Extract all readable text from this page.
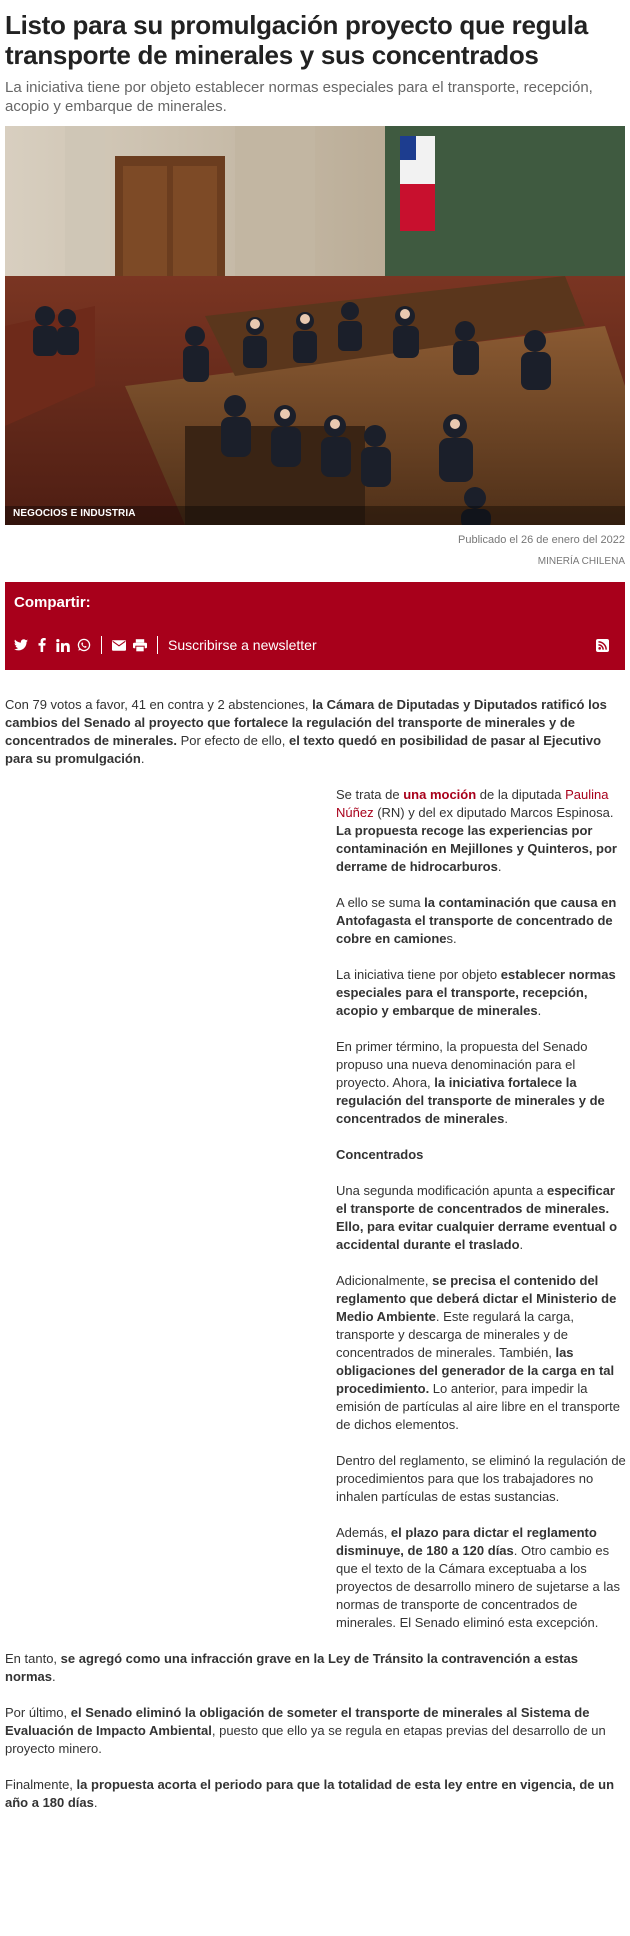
Listo para su promulgación proyecto que regula transporte de minerales y sus concentrados

La iniciativa tiene por objeto establecer normas especiales para el transporte, recepción, acopio y embarque de minerales.

NEGOCIOS E INDUSTRIA
Publicado el 26 de enero del 2022
MINERÍA CHILENA
Compartir:
Suscribirse a newsletter

Con 79 votos a favor, 41 en contra y 2 abstenciones, la Cámara de Diputadas y Diputados ratificó los cambios del Senado al proyecto que fortalece la regulación del transporte de minerales y de concentrados de minerales. Por efecto de ello, el texto quedó en posibilidad de pasar al Ejecutivo para su promulgación.

Se trata de una moción de la diputada Paulina Núñez (RN) y del ex diputado Marcos Espinosa. La propuesta recoge las experiencias por contaminación en Mejillones y Quinteros, por derrame de hidrocarburos.

A ello se suma la contaminación que causa en Antofagasta el transporte de concentrado de cobre en camiones.

La iniciativa tiene por objeto establecer normas especiales para el transporte, recepción, acopio y embarque de minerales.

En primer término, la propuesta del Senado propuso una nueva denominación para el proyecto. Ahora, la iniciativa fortalece la regulación del transporte de minerales y de concentrados de minerales.

Concentrados

Una segunda modificación apunta a especificar el transporte de concentrados de minerales. Ello, para evitar cualquier derrame eventual o accidental durante el traslado.

Adicionalmente, se precisa el contenido del reglamento que deberá dictar el Ministerio de Medio Ambiente. Este regulará la carga, transporte y descarga de minerales y de concentrados de minerales. También, las obligaciones del generador de la carga en tal procedimiento. Lo anterior, para impedir la emisión de partículas al aire libre en el transporte de dichos elementos.

Dentro del reglamento, se eliminó la regulación de procedimientos para que los trabajadores no inhalen partículas de estas sustancias.

Además, el plazo para dictar el reglamento disminuye, de 180 a 120 días. Otro cambio es que el texto de la Cámara exceptuaba a los proyectos de desarrollo minero de sujetarse a las normas de transporte de concentrados de minerales. El Senado eliminó esta excepción.

En tanto, se agregó como una infracción grave en la Ley de Tránsito la contravención a estas normas.

Por último, el Senado eliminó la obligación de someter el transporte de minerales al Sistema de Evaluación de Impacto Ambiental, puesto que ello ya se regula en etapas previas del desarrollo de un proyecto minero.

Finalmente, la propuesta acorta el periodo para que la totalidad de esta ley entre en vigencia, de un año a 180 días.
